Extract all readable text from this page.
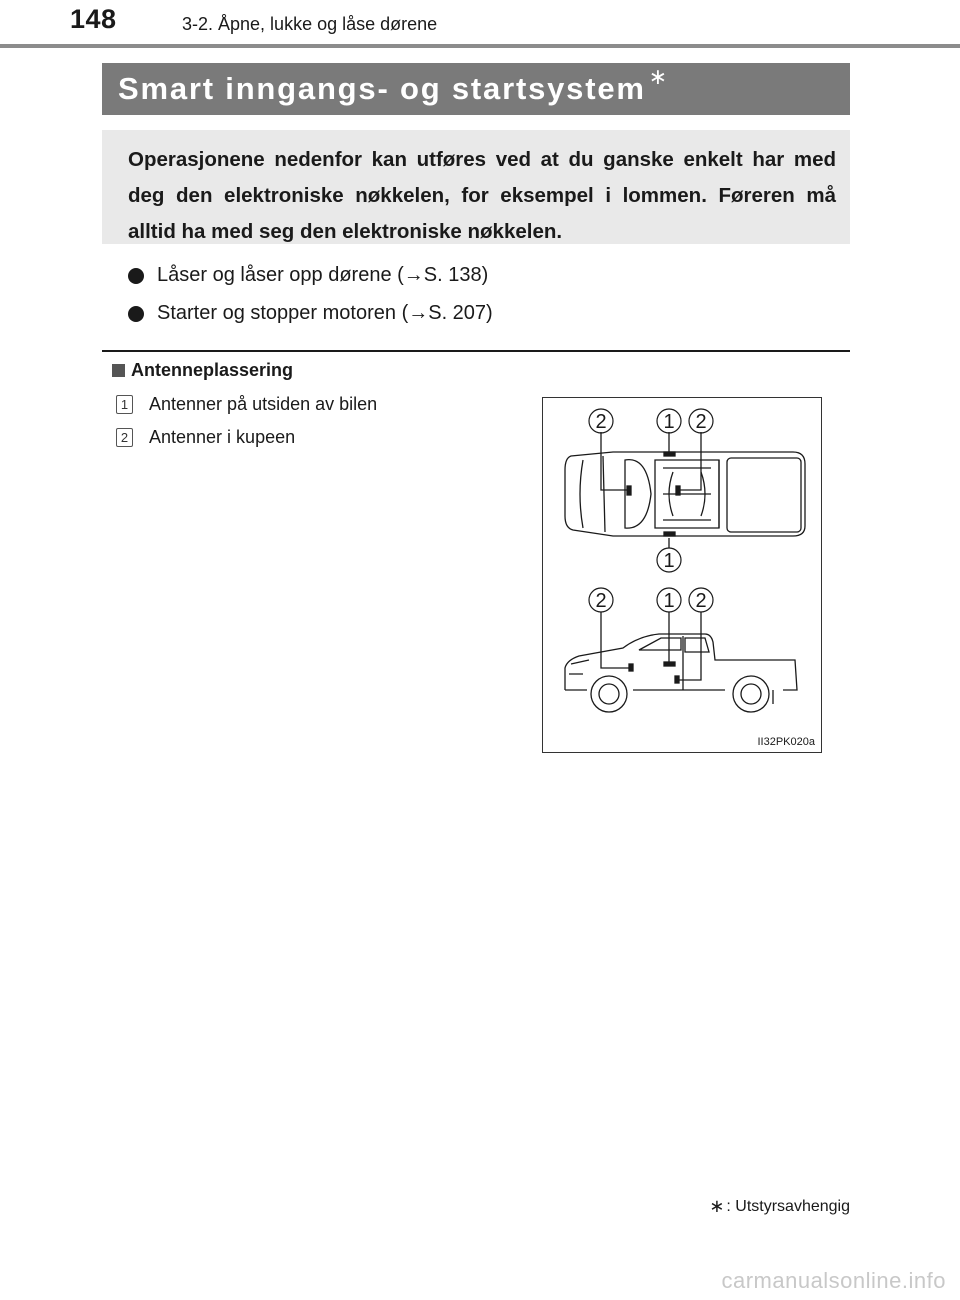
148	3-2. Åpne, lukke og låse dørene
Smart inngangs- og startsystem ∗

Operasjonene nedenfor kan utføres ved at du ganske enkelt har med deg den elektroniske nøkkelen, for eksempel i lommen. Føreren må alltid ha med seg den elektroniske nøkkelen.

Låser og låser opp dørene (→S. 138)
Starter og stopper motoren (→S. 207)
Antenneplassering
1 Antenner på utsiden av bilen
2 Antenner i kupeen
2	1 2
1
2	1 2
II32PK020a
∗ : Utstyrsavhengig
carmanualsonline.info
